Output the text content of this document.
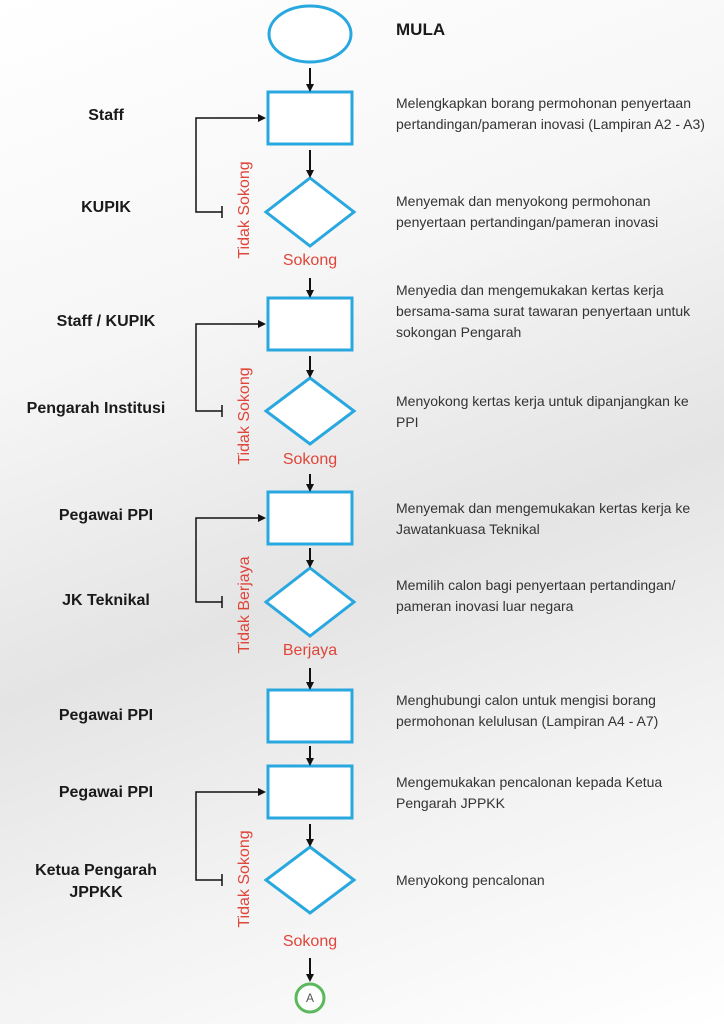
MULA
Staff
KUPIK
Staff / KUPIK
Pengarah Institusi
Pegawai PPI
JK Teknikal
Pegawai PPI
Pegawai PPI
Ketua Pengarah JPPKK
Melengkapkan borang permohonan penyertaan pertandingan/pameran inovasi (Lampiran A2 - A3)
Menyemak dan menyokong permohonan penyertaan pertandingan/pameran inovasi
Menyedia dan mengemukakan kertas kerja bersama-sama surat tawaran penyertaan untuk sokongan Pengarah
Menyokong kertas kerja untuk dipanjangkan ke PPI
Menyemak dan mengemukakan kertas kerja ke Jawatankuasa Teknikal
Memilih calon bagi penyertaan pertandingan/ pameran inovasi luar negara
Menghubungi calon untuk mengisi borang permohonan kelulusan (Lampiran A4 - A7)
Mengemukakan pencalonan kepada Ketua Pengarah JPPKK
Menyokong pencalonan
Sokong
Sokong
Berjaya
Sokong
Tidak Sokong
Tidak Sokong
Tidak Berjaya
Tidak Sokong
A
